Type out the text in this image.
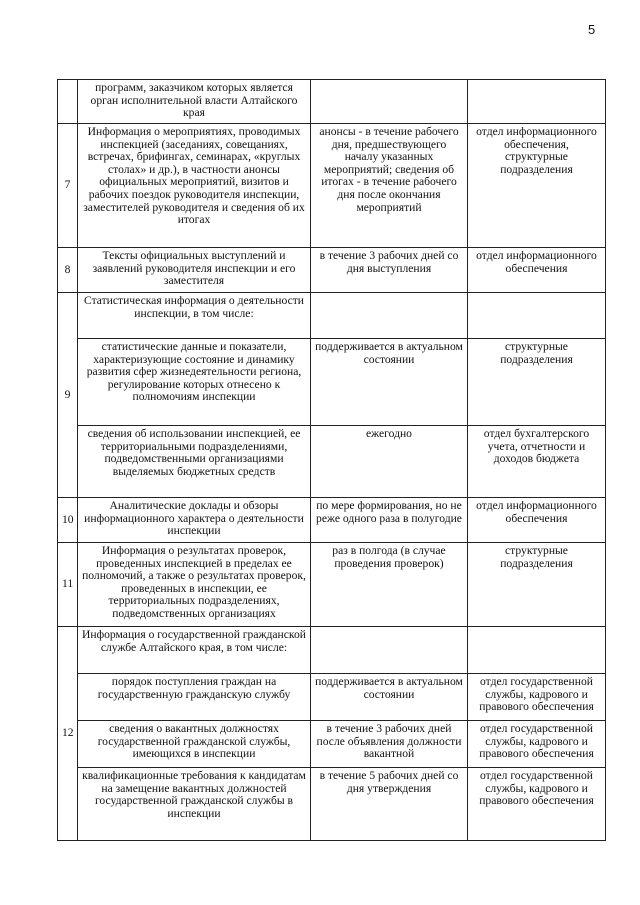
5
	программ, заказчиком которых является орган исполнительной власти Алтайского края		
7	Информация о мероприятиях, проводимых инспекцией (заседаниях, совещаниях, встречах, брифингах, семинарах, «круглых столах» и др.), в частности анонсы официальных мероприятий, визитов и рабочих поездок руководителя инспекции, заместителей руководителя и сведения об их итогах	анонсы - в течение рабочего дня, предшествующего началу указанных мероприятий; сведения об итогах - в течение рабочего дня после окончания мероприятий	отдел информационного обеспечения, структурные подразделения
8	Тексты официальных выступлений и заявлений руководителя инспекции и его заместителя	в течение 3 рабочих дней со дня выступления	отдел информационного обеспечения
9	Статистическая информация о деятельности инспекции, в том числе:		
	статистические данные и показатели, характеризующие состояние и динамику развития сфер жизнедеятельности региона, регулирование которых отнесено к полномочиям инспекции	поддерживается в актуальном состоянии	структурные подразделения
	сведения об использовании инспекцией, ее территориальными подразделениями, подведомственными организациями выделяемых бюджетных средств	ежегодно	отдел бухгалтерского учета, отчетности и доходов бюджета
10	Аналитические доклады и обзоры информационного характера о деятельности инспекции	по мере формирования, но не реже одного раза в полугодие	отдел информационного обеспечения
11	Информация о результатах проверок, проведенных инспекцией в пределах ее полномочий, а также о результатах проверок, проведенных в инспекции, ее территориальных подразделениях, подведомственных организациях	раз в полгода (в случае проведения проверок)	структурные подразделения
12	Информация о государственной гражданской службе Алтайского края, в том числе:		
	порядок поступления граждан на государственную гражданскую службу	поддерживается в актуальном состоянии	отдел государственной службы, кадрового и правового обеспечения
	сведения о вакантных должностях государственной гражданской службы, имеющихся в инспекции	в течение 3 рабочих дней после объявления должности вакантной	отдел государственной службы, кадрового и правового обеспечения
	квалификационные требования к кандидатам на замещение вакантных должностей государственной гражданской службы в инспекции	в течение 5 рабочих дней со дня утверждения	отдел государственной службы, кадрового и правового обеспечения
